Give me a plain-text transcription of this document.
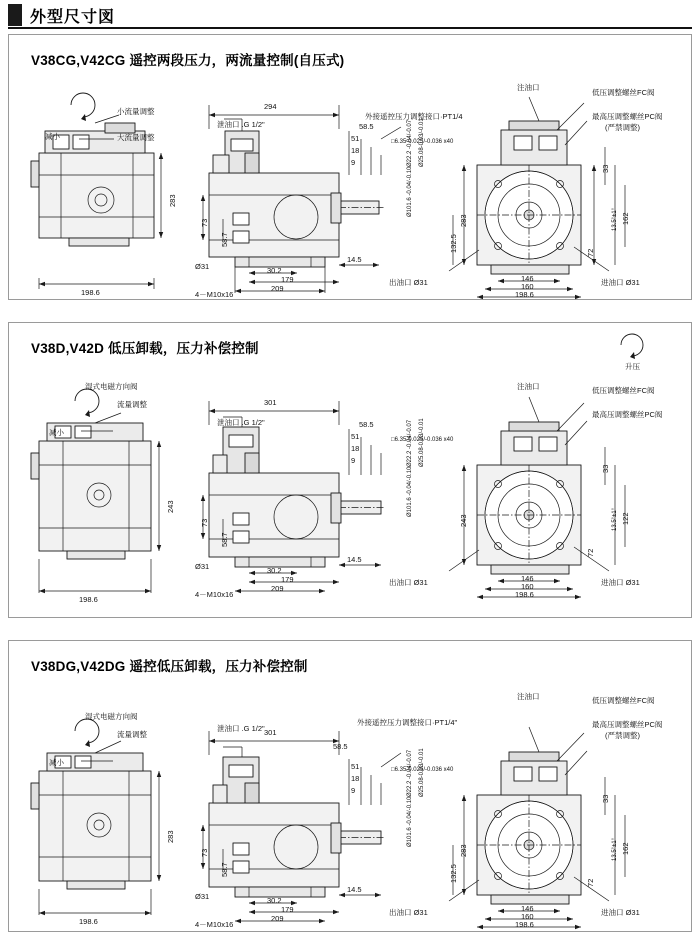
外型尺寸図
V38CG,V42CG 遥控两段压力，两流量控制(自压式)
减小
小流量调整
大流量调整
泄油口 .G 1/2"
外接遥控压力调整接口·PT1/4
注油口
低压调整螺丝FC阀
最高压调整螺丝PC阀
(严禁调整)
出油口 Ø31	进油口 Ø31
4－M10x16
Ø31
□6.35-0.025/-0.036 x40
Ø22.2 -0.04/-0.07 Ø25.08-0.03/-0.01
Ø101.6 -0.04/-0.10
198.6
283
294
73
58.7
30.2
179
209
14.5
58.5
51
18
9
283
132.5
33
162
13.5°±1°
72
146
160
198.6
V38D,V42D 低压卸载，压力补偿控制
减小
湿式电磁方向阀
流量调整
泄油口 .G 1/2"
注油口
升压
低压调整螺丝FC阀
最高压调整螺丝PC阀
出油口 Ø31	进油口 Ø31
4－M10x16
Ø31
□6.35-0.025/-0.036 x40
Ø22.2 -0.04/-0.07 Ø25.08-0.03/-0.01
Ø101.6 -0.04/-0.10
198.6
243
301
73
58.7
30.2
179
209
14.5
58.5
51
18
9
243
33
122
13.5°±1°
72
146
160
198.6
V38DG,V42DG 遥控低压卸载，压力补偿控制
减小
湿式电磁方向阀
流量调整
泄油口 .G 1/2"
外接遥控压力调整接口·PT1/4"
注油口	低压调整螺丝FC阀
最高压调整螺丝PC阀
(严禁调整)
出油口 Ø31	进油口 Ø31
4－M10x16
Ø31
□6.35-0.025/-0.036 x40
Ø22.2 -0.04/-0.07 Ø25.08-0.03/-0.01
Ø101.6 -0.04/-0.10
198.6
283
301
73
58.7
30.2
179
209
14.5
58.5
51
18
9
283
132.5
33
162
13.5°±1°
72
146
160
198.6
